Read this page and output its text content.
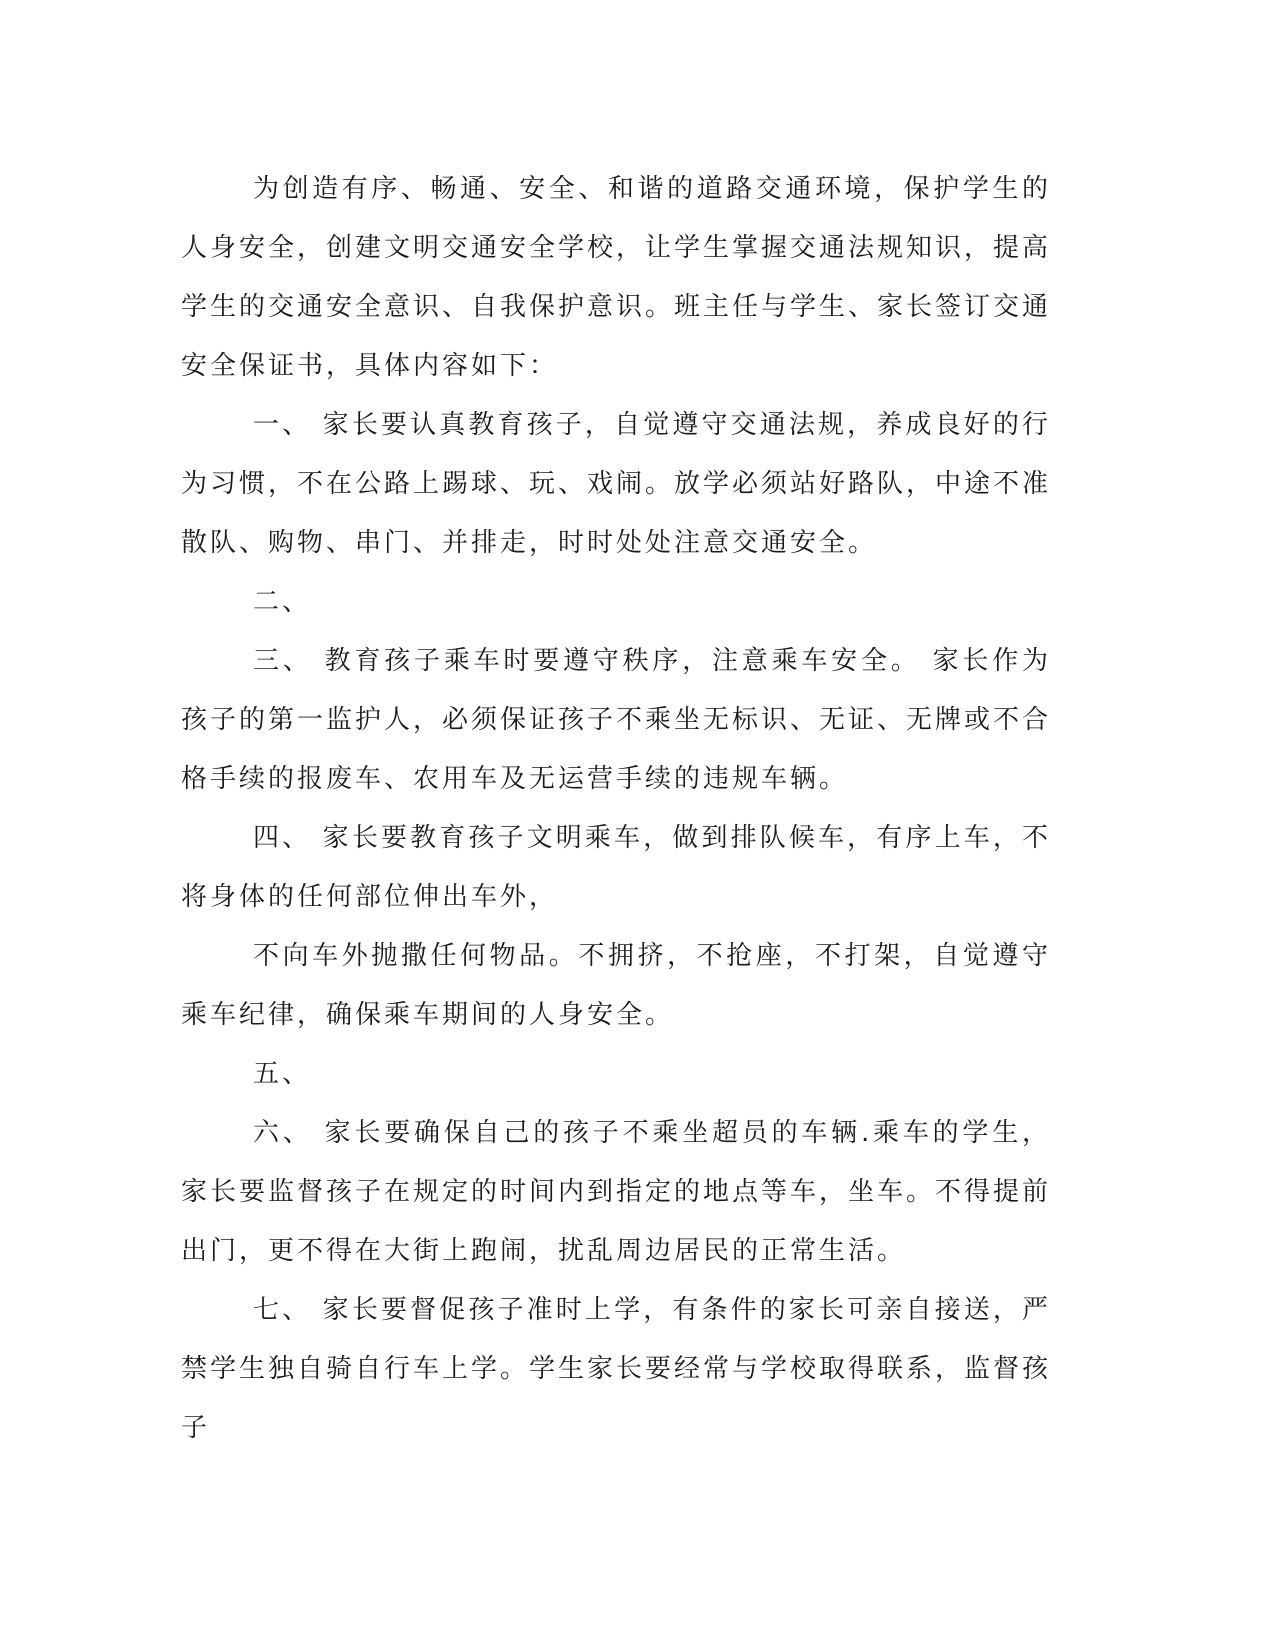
为创造有序、畅通、安全、和谐的道路交通环境，保护学生的人身安全，创建文明交通安全学校，让学生掌握交通法规知识，提高学生的交通安全意识、自我保护意识。班主任与学生、家长签订交通安全保证书，具体内容如下：

一、 家长要认真教育孩子，自觉遵守交通法规，养成良好的行为习惯，不在公路上踢球、玩、戏闹。放学必须站好路队，中途不准散队、购物、串门、并排走，时时处处注意交通安全。

二、

三、 教育孩子乘车时要遵守秩序，注意乘车安全。 家长作为孩子的第一监护人，必须保证孩子不乘坐无标识、无证、无牌或不合格手续的报废车、农用车及无运营手续的违规车辆。

四、 家长要教育孩子文明乘车，做到排队候车，有序上车，不将身体的任何部位伸出车外，

不向车外抛撒任何物品。不拥挤，不抢座，不打架，自觉遵守乘车纪律，确保乘车期间的人身安全。

五、

六、 家长要确保自己的孩子不乘坐超员的车辆.乘车的学生，家长要监督孩子在规定的时间内到指定的地点等车，坐车。不得提前出门，更不得在大街上跑闹，扰乱周边居民的正常生活。

七、 家长要督促孩子准时上学，有条件的家长可亲自接送，严禁学生独自骑自行车上学。学生家长要经常与学校取得联系，监督孩子
